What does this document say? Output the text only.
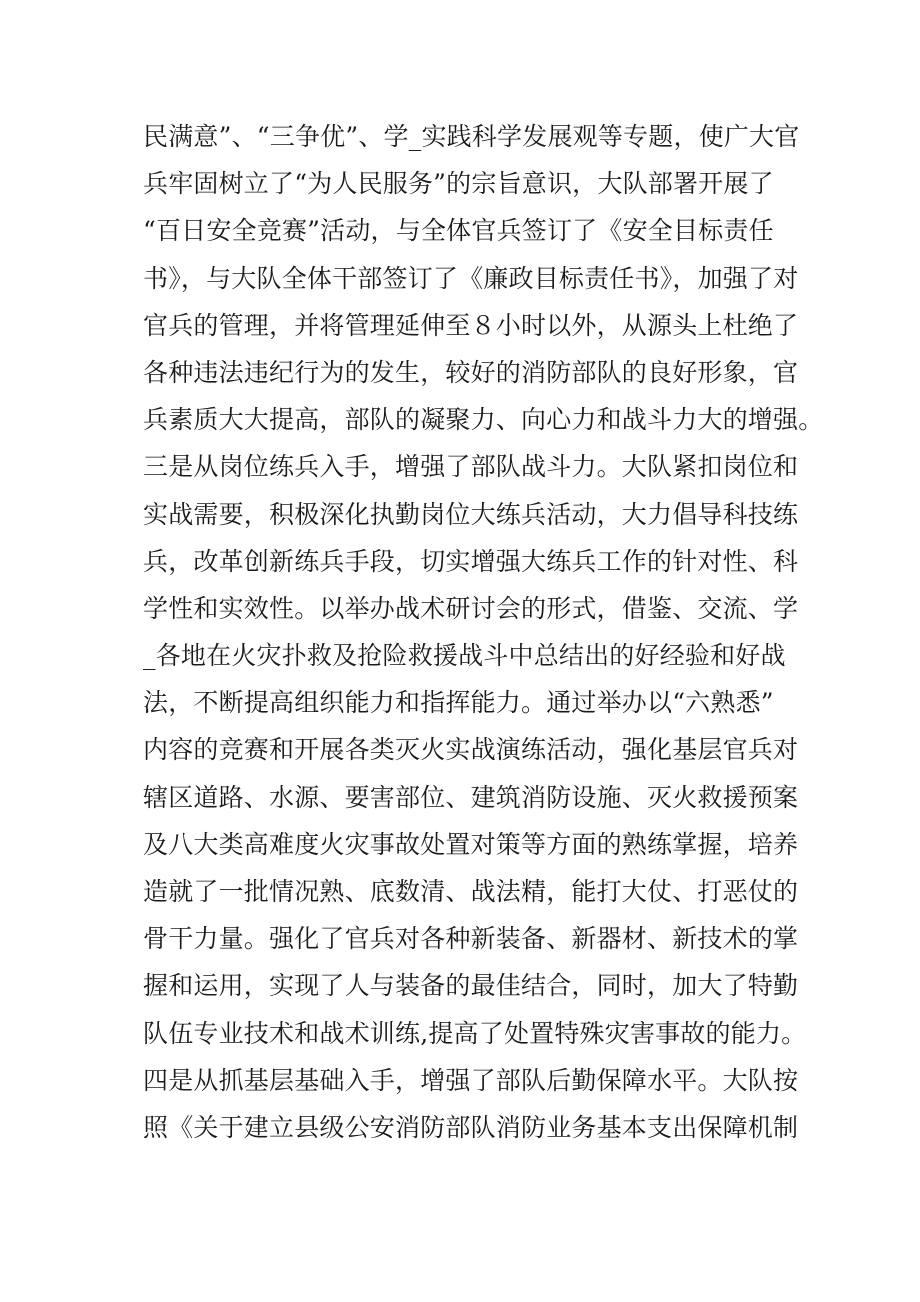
民满意”、“三争优”、学_实践科学发展观等专题，使广大官
兵牢固树立了“为人民服务”的宗旨意识，大队部署开展了
“百日安全竞赛”活动，与全体官兵签订了《安全目标责任
书》，与大队全体干部签订了《廉政目标责任书》，加强了对
官兵的管理，并将管理延伸至８小时以外，从源头上杜绝了
各种违法违纪行为的发生，较好的消防部队的良好形象，官
兵素质大大提高，部队的凝聚力、向心力和战斗力大的增强。
三是从岗位练兵入手，增强了部队战斗力。大队紧扣岗位和
实战需要，积极深化执勤岗位大练兵活动，大力倡导科技练
兵，改革创新练兵手段，切实增强大练兵工作的针对性、科
学性和实效性。以举办战术研讨会的形式，借鉴、交流、学
_各地在火灾扑救及抢险救援战斗中总结出的好经验和好战
法，不断提高组织能力和指挥能力。通过举办以“六熟悉”
内容的竞赛和开展各类灭火实战演练活动，强化基层官兵对
辖区道路、水源、要害部位、建筑消防设施、灭火救援预案
及八大类高难度火灾事故处置对策等方面的熟练掌握，培养
造就了一批情况熟、底数清、战法精，能打大仗、打恶仗的
骨干力量。强化了官兵对各种新装备、新器材、新技术的掌
握和运用，实现了人与装备的最佳结合，同时，加大了特勤
队伍专业技术和战术训练,提高了处置特殊灾害事故的能力。
四是从抓基层基础入手，增强了部队后勤保障水平。大队按
照《关于建立县级公安消防部队消防业务基本支出保障机制
